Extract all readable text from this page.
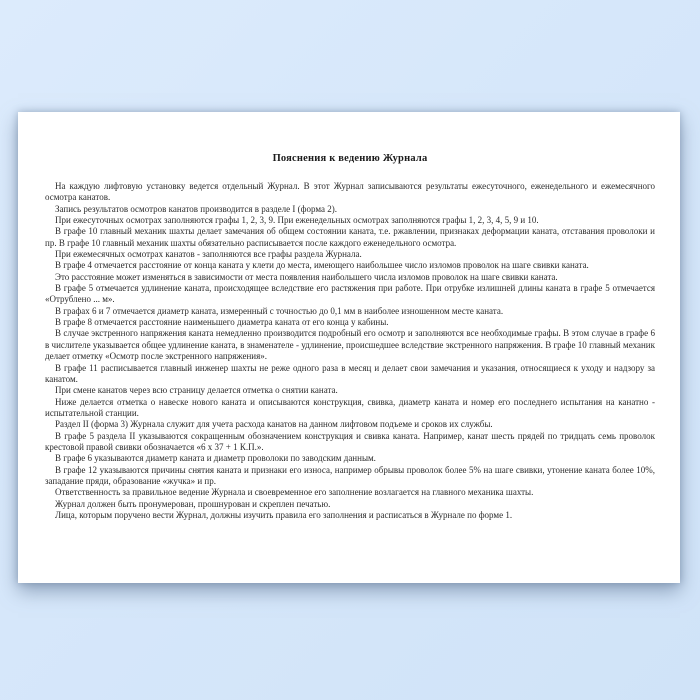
Пояснения к ведению Журнала

На каждую лифтовую установку ведется отдельный Журнал. В этот Журнал записываются результаты ежесуточного, еженедельного и ежемесячного осмотра канатов.

Запись результатов осмотров канатов производится в разделе I (форма 2).

При ежесуточных осмотрах заполняются графы 1, 2, 3, 9. При еженедельных осмотрах заполняются графы 1, 2, 3, 4, 5, 9 и 10.

В графе 10 главный механик шахты делает замечания об общем состоянии каната, т.е. ржавлении, признаках деформации каната, отставания проволоки и пр. В графе 10 главный механик шахты обязательно расписывается после каждого еженедельного осмотра.

При ежемесячных осмотрах канатов - заполняются все графы раздела Журнала.

В графе 4 отмечается расстояние от конца каната у клети до места, имеющего наибольшее число изломов проволок на шаге свивки каната.

Это расстояние может изменяться в зависимости от места появления наибольшего числа изломов проволок на шаге свивки каната.

В графе 5 отмечается удлинение каната, происходящее вследствие его растяжения при работе. При отрубке излишней длины каната в графе 5 отмечается «Отрублено ... м».

В графах 6 и 7 отмечается диаметр каната, измеренный с точностью до 0,1 мм в наиболее изношенном месте каната.

В графе 8 отмечается расстояние наименьшего диаметра каната от его конца у кабины.

В случае экстренного напряжения каната немедленно производится подробный его осмотр и заполняются все необходимые графы. В этом случае в графе 6 в числителе указывается общее удлинение каната, в знаменателе - удлинение, происшедшее вследствие экстренного напряжения. В графе 10 главный механик делает отметку «Осмотр после экстренного напряжения».

В графе 11 расписывается главный инженер шахты не реже одного раза в месяц и делает свои замечания и указания, относящиеся к уходу и надзору за канатом.

При смене канатов через всю страницу делается отметка о снятии каната.

Ниже делается отметка о навеске нового каната и описываются конструкция, свивка, диаметр каната и номер его последнего испытания на канатно - испытательной станции.

Раздел II (форма 3) Журнала служит для учета расхода канатов на данном лифтовом подъеме и сроков их службы.

В графе 5 раздела II указываются сокращенным обозначением конструкция и свивка каната. Например, канат шесть прядей по тридцать семь проволок крестовой правой свивки обозначается «6 х 37 + 1 К.П.».

В графе 6 указываются диаметр каната и диаметр проволоки по заводским данным.

В графе 12 указываются причины снятия каната и признаки его износа, например обрывы проволок более 5% на шаге свивки, утонение каната более 10%, западание пряди, образование «жучка» и пр.

Ответственность за правильное ведение Журнала и своевременное его заполнение возлагается на главного механика шахты.

Журнал должен быть пронумерован, прошнурован и скреплен печатью.

Лица, которым поручено вести Журнал, должны изучить правила его заполнения и расписаться в Журнале по форме 1.
